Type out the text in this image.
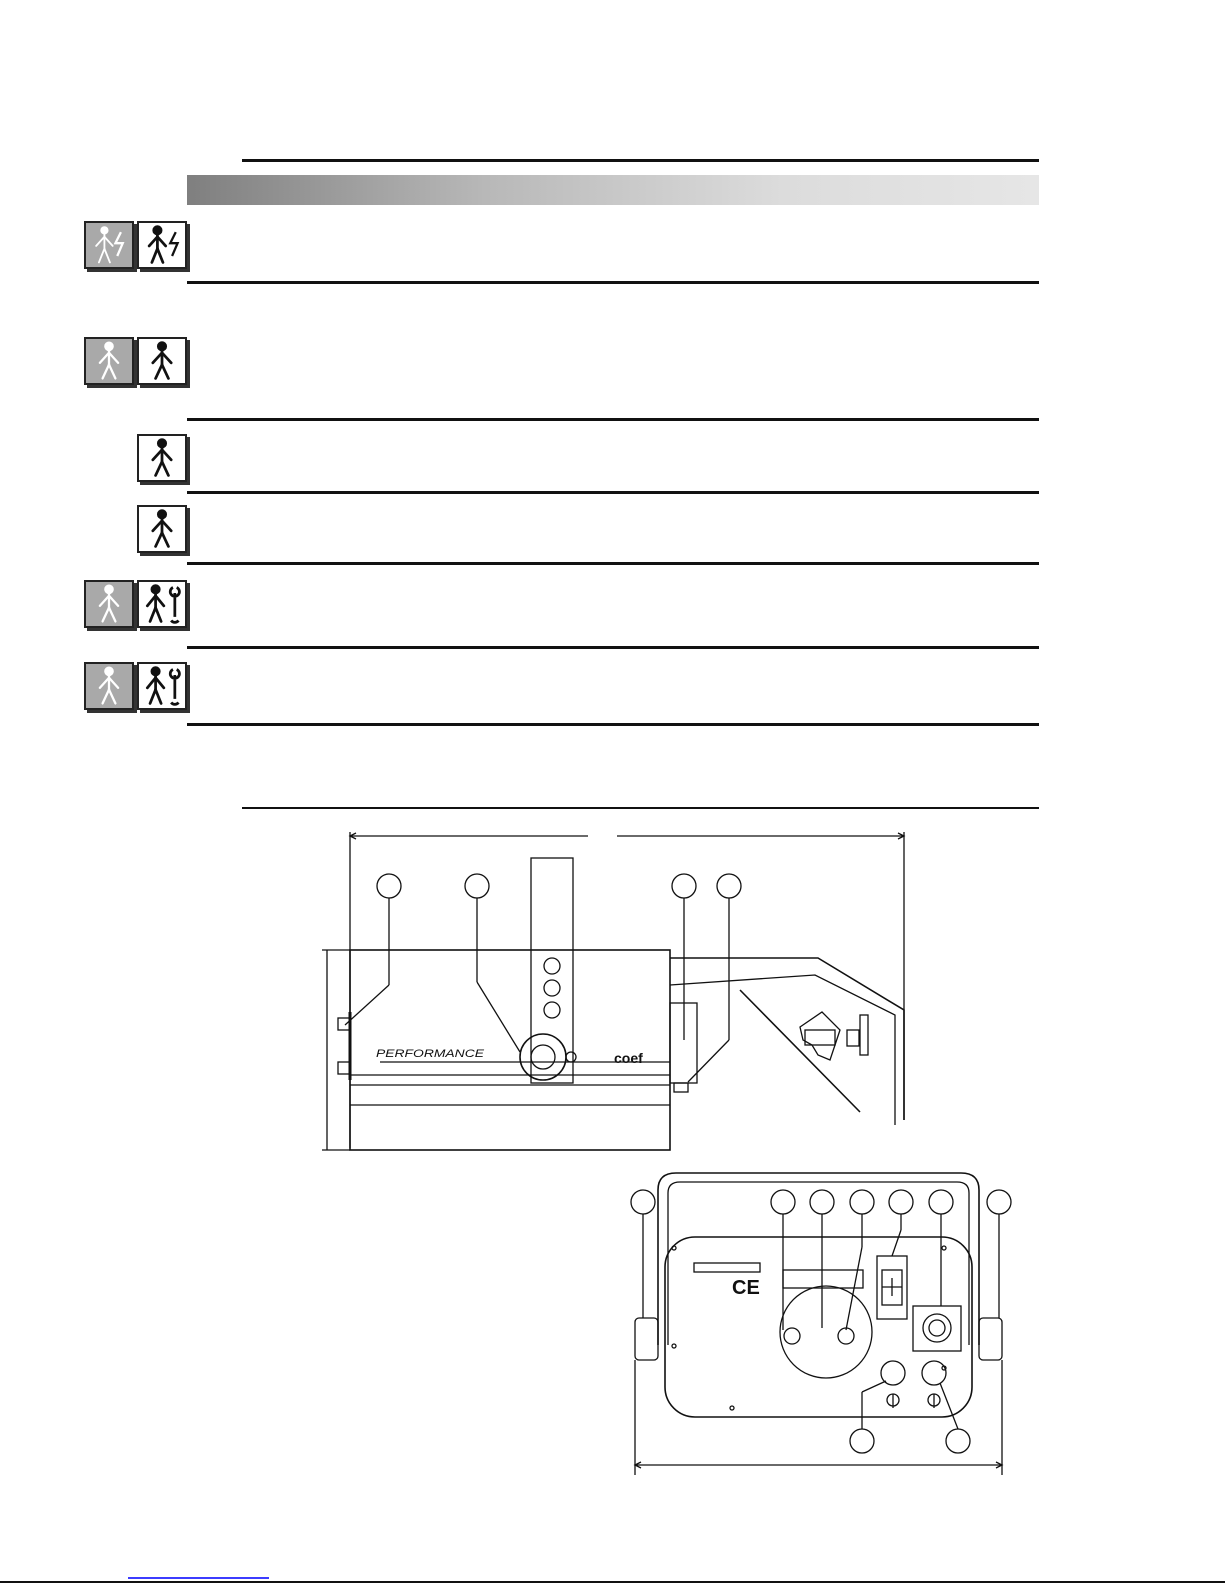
PERFORMANCE	coef
CE
